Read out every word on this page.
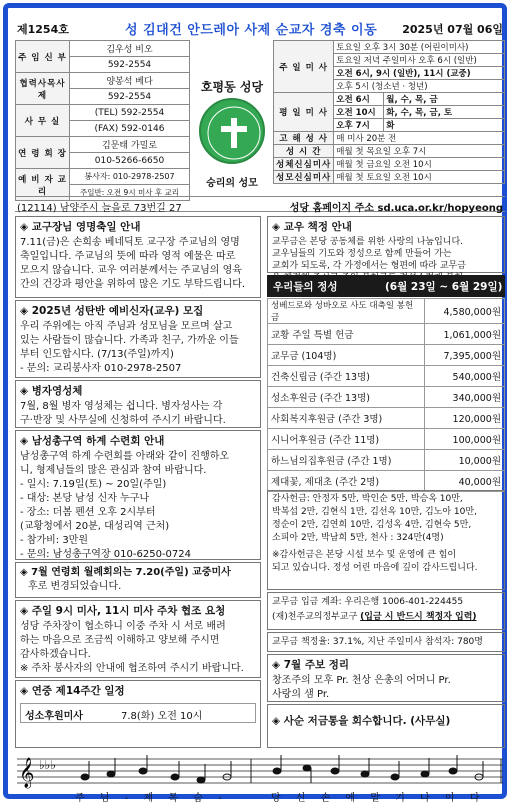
제1254호	성 김대건 안드레아 사제 순교자 경축 이동 2025년 07월 06일
주 임 신 부	김우성 비오
	592-2554
협력사목사제	양봉석 베다
	592-2554
사 무 실	(TEL) 592-2554
	(FAX) 592-0146
연 령 회 장	김문태 가밀로
	010-5266-6650
예 비 자 교 리	봉사자: 010-2978-2507
	주일반: 오전 9시 미사 후 교리
호평동 성당
승리의 성모
주 일 미 사	토요일 오후 3시 30분 (어린이미사)	
	토요일 저녁 주일미사 오후 6시 (일반)	
	오전 6시, 9시 (일반), 11시 (교중)	
	오후 5시 (청소년 · 청년)	
평 일 미 사	오전 6시	월, 수, 목, 금
	오전 10시	화, 수, 목, 금, 토
	오후 7시	화
고 해 성 사	매 미사 20분 전	
성 시 간	매월 첫 목요일 오후 7시	
성체신심미사	매월 첫 금요일 오전 10시	
성모신심미사	매월 첫 토요일 오전 10시	
(12114) 남양주시 늘을로 73번길 27	성당 홈페이지 주소 sd.uca.or.kr/hopyeong
◈ 교구장님 영명축일 안내
7.11(금)은 손희송 베네딕토 교구장 주교님의 영명
축일입니다. 주교님의 뜻에 따라 영적 예물은 따로
모으지 않습니다. 교우 여러분께서는 주교님의 영육
간의 건강과 평안을 위하여 많은 기도 부탁드립니다.
◈ 2025년 성탄반 예비신자(교우) 모집
우리 주위에는 아직 주님과 성모님을 모르며 살고
있는 사람들이 많습니다. 가족과 친구, 가까운 이들
부터 인도합시다. (7/13(주일)까지)
- 문의: 교리봉사자 010-2978-2507
◈ 병자영성체
7월, 8월 병자 영성체는 쉽니다. 병자성사는 각
구·반장 및 사무실에 신청하여 주시기 바랍니다.
◈ 남성총구역 하계 수련회 안내
남성총구역 하계 수련회를 아래와 같이 진행하오
니, 형제님들의 많은 관심과 참여 바랍니다.
- 일시: 7.19일(토) ~ 20일(주일)
- 대상: 본당 남성 신자 누구나
- 장소: 더봄 펜션 오후 2시부터
(교황청에서 20분, 대성리역 근처)
- 참가비: 3만원
- 문의: 남성총구역장 010-6250-0724
◈ 7월 연령회 월례회의는 7.20(주일) 교중미사
후로 변경되었습니다.
◈ 주일 9시 미사, 11시 미사 주차 협조 요청
성당 주차장이 협소하니 이중 주차 시 서로 배려
하는 마음으로 조금씩 이해하고 양보해 주시면
감사하겠습니다.
※ 주차 봉사자의 안내에 협조하여 주시기 바랍니다.
◈ 연중 제14주간 일정
성소후원미사	7.8(화) 오전 10시
◈ 교우 책정 안내
교무금은 본당 공동체를 위한 사랑의 나눔입니다.
교우님들의 기도와 정성으로 함께 만들어 가는
교회가 되도록, 각 가정에서는 형편에 따라 교무금
우리들의 정성	(6월 23일 ~ 6월 29일)
성베드로와 성바오로 사도 대축일 봉헌금	4,580,000원
교황 주일 특별 헌금	1,061,000원
교무금 (104명)	7,395,000원
건축신립금 (주간 13명)	540,000원
성소후원금 (주간 13명)	340,000원
사회복지후원금 (주간 3명)	120,000원
시니어후원금 (주간 11명)	100,000원
하느님의집후원금 (주간 1명)	10,000원
제대꽃, 제대초 (주간 2명)	40,000원
감사헌금: 안정자 5만, 박인순 5만, 박승옥 10만,
박복섭 2만, 김현식 1만, 김선옥 10만, 김노아 10만,
정순이 2만, 김연희 10만, 김성옥 4만, 김현숙 5만,
소피아 2만, 박남희 5만, 천사 : 324만(4명)
※감사헌금은 본당 시설 보수 및 운영에 큰 힘이
되고 있습니다. 정성 어린 마음에 깊이 감사드립니다.
교무금 입금 계좌: 우리은행 1006-401-224455
(재)천주교의정부교구 (입금 시 반드시 책정자 입력)
교무금 책정율: 37.1%, 지난 주일미사 참석자: 780명
◈ 7월 주보 정리
창조주의 모후 Pr. 천상 은총의 어머니 Pr.
사랑의 샘 Pr.
◈ 사순 저금통을 회수합니다. (사무실)
𝄞 ♭♭♭
주 님 - 제 목 숨 -	당 신 손 에 맡 기 나 이 다
